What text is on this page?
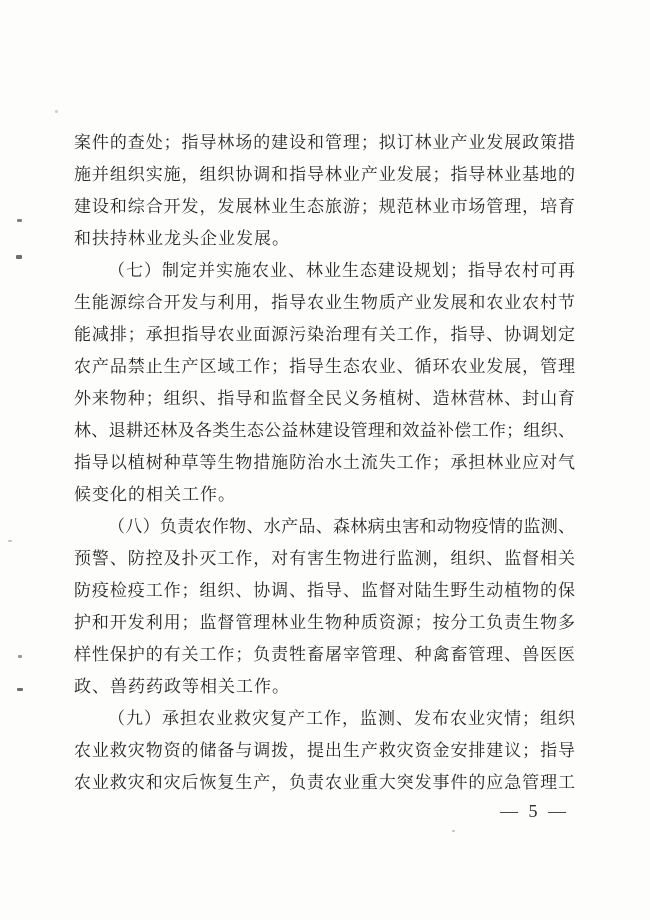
案件的查处；指导林场的建设和管理；拟订林业产业发展政策措
施并组织实施，组织协调和指导林业产业发展；指导林业基地的
建设和综合开发，发展林业生态旅游；规范林业市场管理，培育
和扶持林业龙头企业发展。
（七）制定并实施农业、林业生态建设规划；指导农村可再
生能源综合开发与利用，指导农业生物质产业发展和农业农村节
能减排；承担指导农业面源污染治理有关工作，指导、协调划定
农产品禁止生产区域工作；指导生态农业、循环农业发展，管理
外来物种；组织、指导和监督全民义务植树、造林营林、封山育
林、退耕还林及各类生态公益林建设管理和效益补偿工作；组织、
指导以植树种草等生物措施防治水土流失工作；承担林业应对气
候变化的相关工作。
（八）负责农作物、水产品、森林病虫害和动物疫情的监测、
预警、防控及扑灭工作，对有害生物进行监测，组织、监督相关
防疫检疫工作；组织、协调、指导、监督对陆生野生动植物的保
护和开发利用；监督管理林业生物种质资源；按分工负责生物多
样性保护的有关工作；负责牲畜屠宰管理、种禽畜管理、兽医医
政、兽药药政等相关工作。
（九）承担农业救灾复产工作，监测、发布农业灾情；组织
农业救灾物资的储备与调拨，提出生产救灾资金安排建议；指导
农业救灾和灾后恢复生产，负责农业重大突发事件的应急管理工
— 5 —
